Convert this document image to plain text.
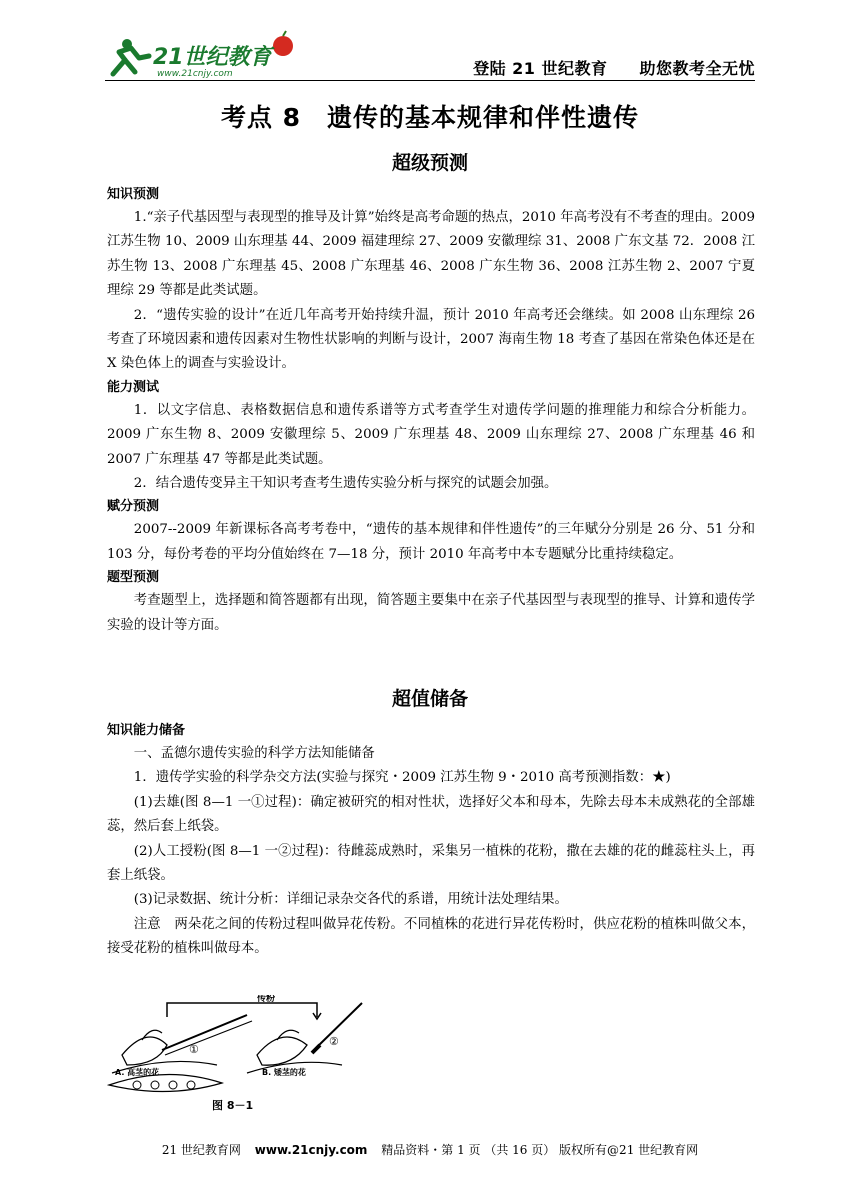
21世纪教育
www.21cnjy.com	登陆 21 世纪教育 助您教考全无忧
考点 8　遗传的基本规律和伴性遗传
超级预测

知识预测

1.“亲子代基因型与表现型的推导及计算”始终是高考命题的热点，2010 年高考没有不考查的理由。2009 江苏生物 10、2009 山东理基 44、2009 福建理综 27、2009 安徽理综 31、2008 广东文基 72．2008 江苏生物 13、2008 广东理基 45、2008 广东理基 46、2008 广东生物 36、2008 江苏生物 2、2007 宁夏理综 29 等都是此类试题。

2．“遗传实验的设计”在近几年高考开始持续升温，预计 2010 年高考还会继续。如 2008 山东理综 26 考查了环境因素和遗传因素对生物性状影响的判断与设计，2007 海南生物 18 考查了基因在常染色体还是在 X 染色体上的调查与实验设计。

能力测试

1．以文字信息、表格数据信息和遗传系谱等方式考查学生对遗传学问题的推理能力和综合分析能力。2009 广东生物 8、2009 安徽理综 5、2009 广东理基 48、2009 山东理综 27、2008 广东理基 46 和 2007 广东理基 47 等都是此类试题。

2．结合遗传变异主干知识考查考生遗传实验分析与探究的试题会加强。

赋分预测

2007--2009 年新课标各高考考卷中，“遗传的基本规律和伴性遗传”的三年赋分分别是 26 分、51 分和 103 分，每份考卷的平均分值始终在 7—18 分，预计 2010 年高考中本专题赋分比重持续稳定。

题型预测

考查题型上，选择题和简答题都有出现，简答题主要集中在亲子代基因型与表现型的推导、计算和遗传学实验的设计等方面。

超值储备

知识能力储备

一、孟德尔遗传实验的科学方法知能储备

1．遗传学实验的科学杂交方法(实验与探究・2009 江苏生物 9・2010 高考预测指数：★)

(1)去雄(图 8—1 一①过程)：确定被研究的相对性状，选择好父本和母本，先除去母本未成熟花的全部雄蕊，然后套上纸袋。

(2)人工授粉(图 8—1 一②过程)：待雌蕊成熟时，采集另一植株的花粉，撒在去雄的花的雌蕊柱头上，再套上纸袋。

(3)记录数据、统计分析：详细记录杂交各代的系谱，用统计法处理结果。

注意　两朵花之间的传粉过程叫做异花传粉。不同植株的花进行异花传粉时，供应花粉的植株叫做父本，接受花粉的植株叫做母本。

传粉
①
②
A. 高茎的花	B. 矮茎的花
图 8－1
21 世纪教育网 www.21cnjy.com 精品资料・第 1 页 （共 16 页） 版权所有@21 世纪教育网
